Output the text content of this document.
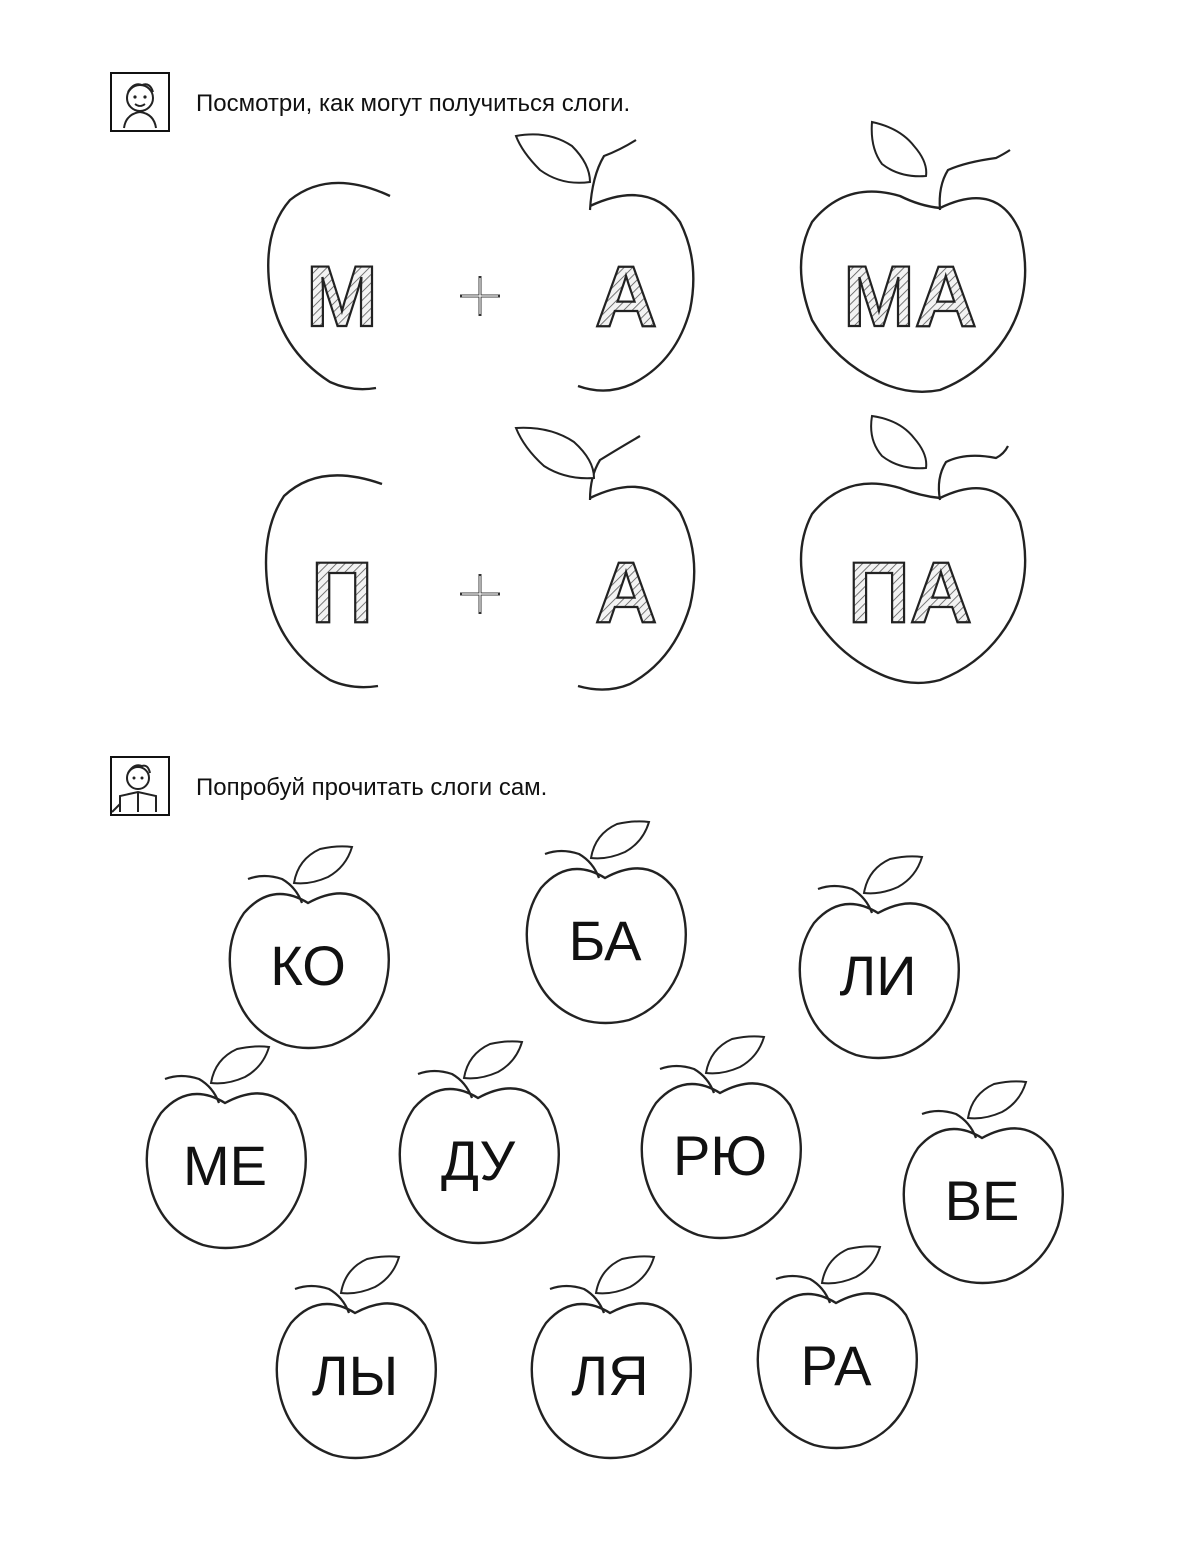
Посмотри, как могут получиться слоги.
Попробуй прочитать слоги сам.
М	+ А МА
П	+ А ПА
КО	БА
ЛИ
МЕ	ДУ	РЮ
ВЕ
ЛЫ	ЛЯ	РА
